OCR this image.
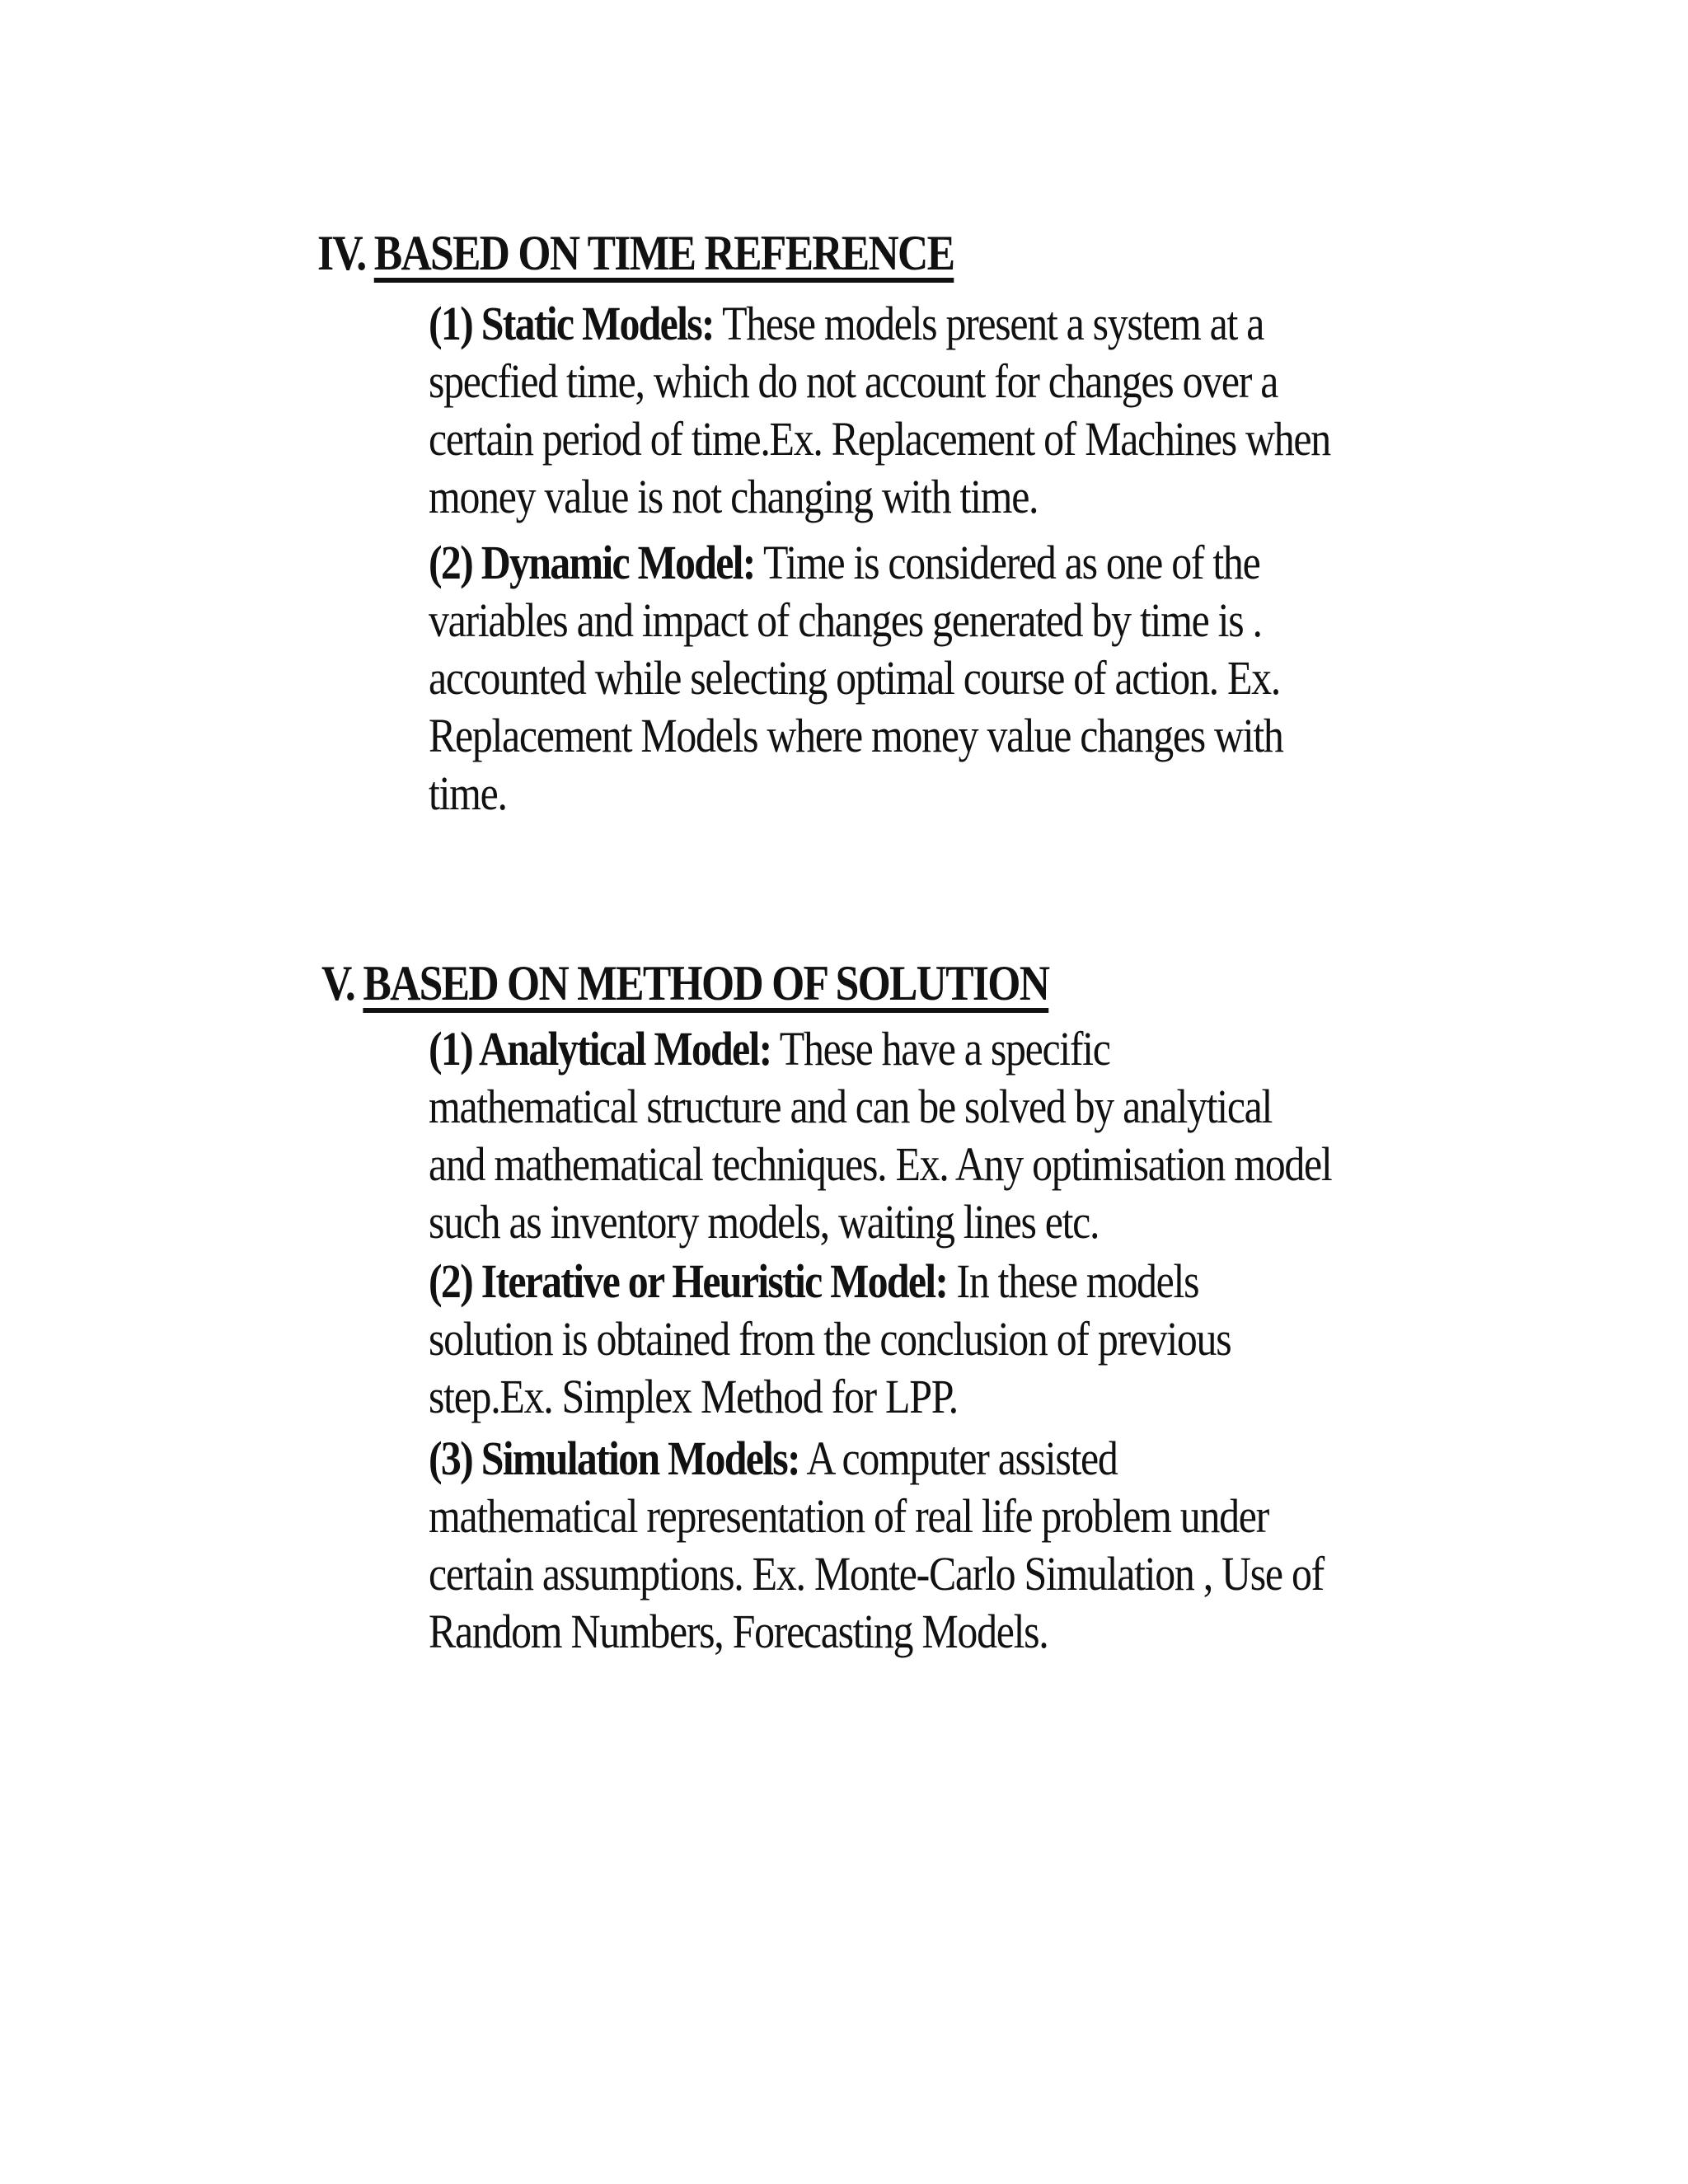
IV. BASED ON TIME REFERENCE
(1) Static Models: These models present a system at a
specfied time, which do not account for changes over a
certain period of time.Ex. Replacement of Machines when
money value is not changing with time.
(2) Dynamic Model: Time is considered as one of the
variables and impact of changes generated by time is .
accounted while selecting optimal course of action. Ex.
Replacement Models where money value changes with
time.
V. BASED ON METHOD OF SOLUTION
(1) Analytical Model: These have a specific
mathematical structure and can be solved by analytical
and mathematical techniques. Ex. Any optimisation model
such as inventory models, waiting lines etc.
(2) Iterative or Heuristic Model: In these models
solution is obtained from the conclusion of previous
step.Ex. Simplex Method for LPP.
(3) Simulation Models: A computer assisted
mathematical representation of real life problem under
certain assumptions. Ex. Monte-Carlo Simulation , Use of
Random Numbers, Forecasting Models.
